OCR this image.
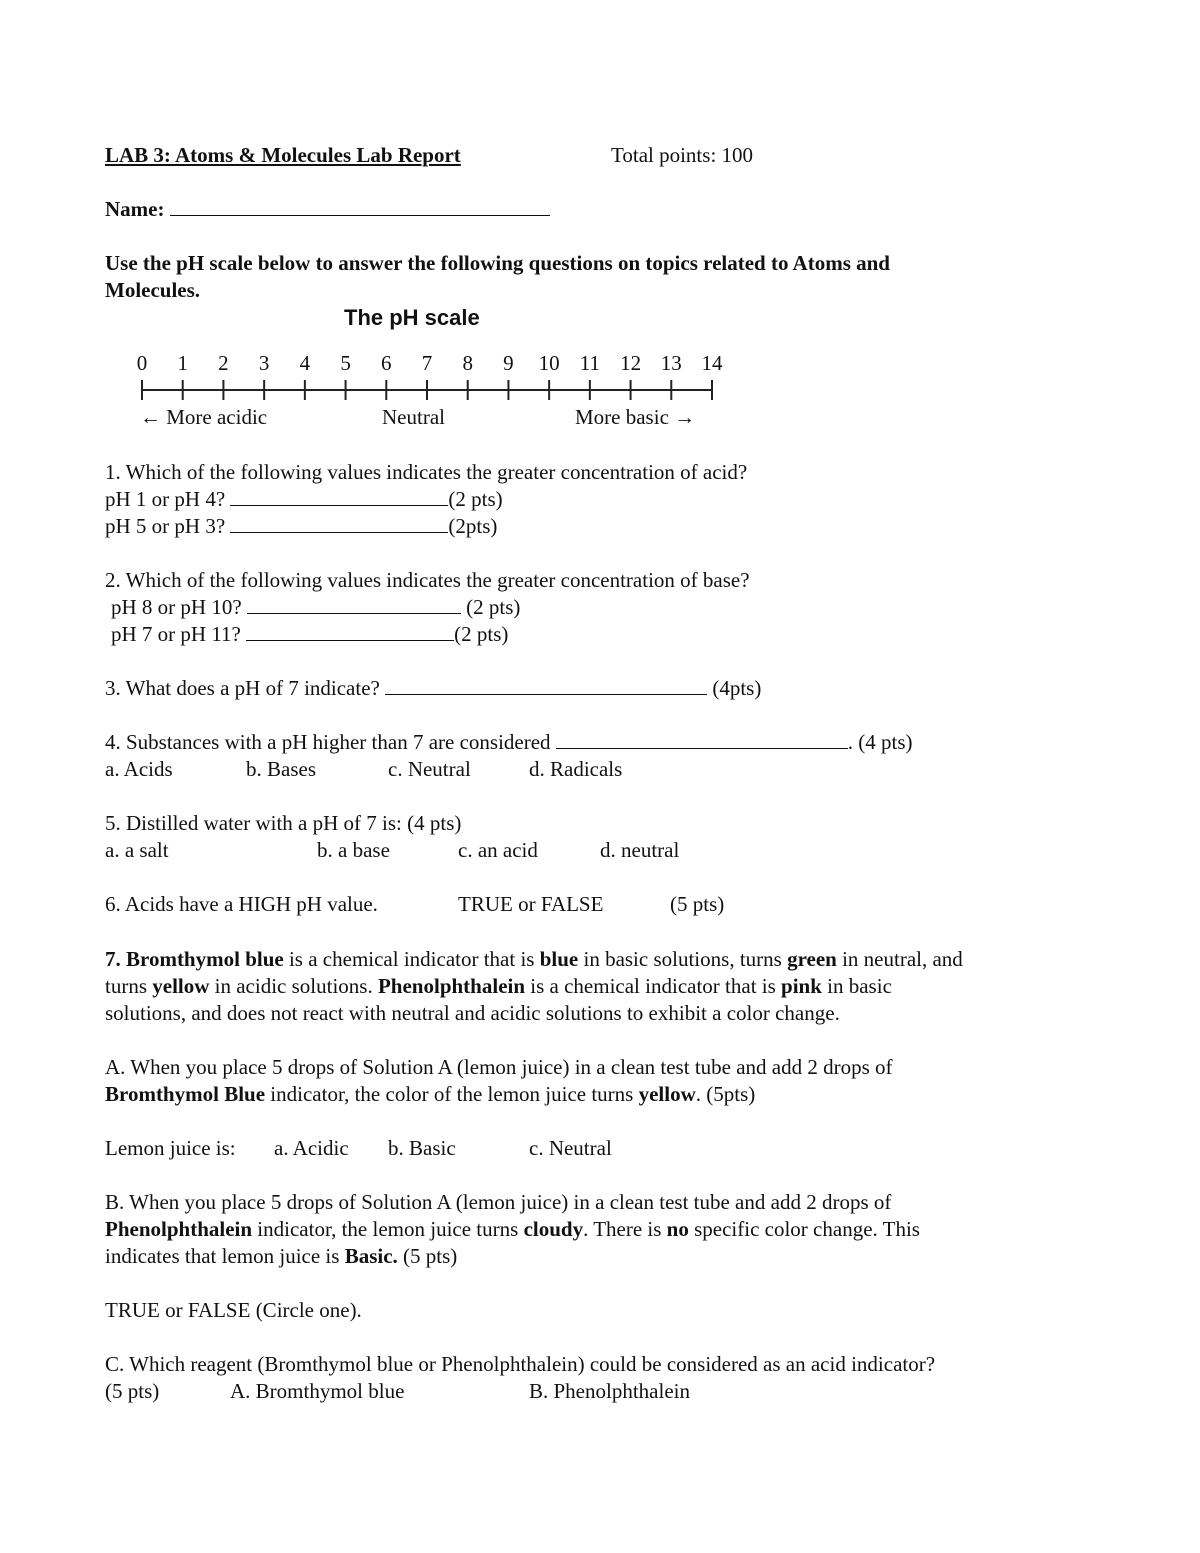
LAB 3: Atoms & Molecules Lab Report	Total points: 100
Name:
Use the pH scale below to answer the following questions on topics related to Atoms and
Molecules.
The pH scale
0 1 2 3 4 5 6 7 8 9 10 11 12 13 14
← More acidic	Neutral	More basic →
1. Which of the following values indicates the greater concentration of acid?
pH 1 or pH 4?	(2 pts)
pH 5 or pH 3?	(2pts)
2. Which of the following values indicates the greater concentration of base?
pH 8 or pH 10?	(2 pts)
pH 7 or pH 11?	(2 pts)
3. What does a pH of 7 indicate?	(4pts)
4. Substances with a pH higher than 7 are considered	. (4 pts)
a. Acids	b. Bases	c. Neutral	d. Radicals
5. Distilled water with a pH of 7 is: (4 pts)
a. a salt	b. a base	c. an acid	d. neutral
6. Acids have a HIGH pH value.	TRUE or FALSE	(5 pts)
7. Bromthymol blue is a chemical indicator that is blue in basic solutions, turns green in neutral, and
turns yellow in acidic solutions. Phenolphthalein is a chemical indicator that is pink in basic
solutions, and does not react with neutral and acidic solutions to exhibit a color change.
A. When you place 5 drops of Solution A (lemon juice) in a clean test tube and add 2 drops of
Bromthymol Blue indicator, the color of the lemon juice turns yellow. (5pts)
Lemon juice is: a. Acidic b. Basic	c. Neutral
B. When you place 5 drops of Solution A (lemon juice) in a clean test tube and add 2 drops of
Phenolphthalein indicator, the lemon juice turns cloudy. There is no specific color change. This
indicates that lemon juice is Basic. (5 pts)
TRUE or FALSE (Circle one).
C. Which reagent (Bromthymol blue or Phenolphthalein) could be considered as an acid indicator?
(5 pts)	A. Bromthymol blue	B. Phenolphthalein
